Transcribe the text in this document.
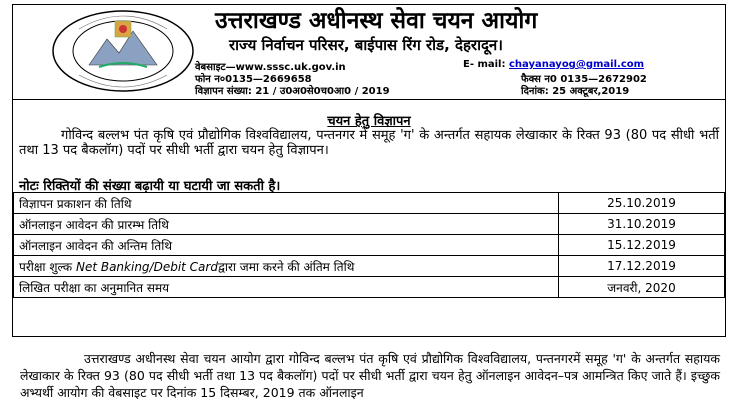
उत्तराखण्ड अधीनस्थ सेवा चयन आयोग
राज्य निर्वाचन परिसर, बाईपास रिंग रोड, देहरादून।
वेबसाइट—www.sssc.uk.gov.in	E- mail: chayanayog@gmail.com
फोन न०0135—2669658	फैक्स न0 0135—2672902
विज्ञापन संख्या: 21 / उ0अ0से0च0आ0 / 2019	दिनांक: 25 अक्टूबर,2019
चयन हेतु विज्ञापन
गोविन्द बल्लभ पंत कृषि एवं प्रौद्योगिक विश्वविद्यालय, पन्तनगर में समूह 'ग' के अन्तर्गत सहायक लेखाकार के रिक्त 93 (80 पद सीधी भर्ती तथा 13 पद बैकलॉग) पदों पर सीधी भर्ती द्वारा चयन हेतु विज्ञापन।
नोटः रिक्तियों की संख्या बढ़ायी या घटायी जा सकती है।
विज्ञापन प्रकाशन की तिथि	25.10.2019
ऑनलाइन आवेदन की प्रारम्भ तिथि	31.10.2019
ऑनलाइन आवेदन की अन्तिम तिथि	15.12.2019
परीक्षा शुल्क Net Banking/Debit Cardद्वारा जमा करने की अंतिम तिथि	17.12.2019
लिखित परीक्षा का अनुमानित समय	जनवरी, 2020
उत्तराखण्ड अधीनस्थ सेवा चयन आयोग द्वारा गोविन्द बल्लभ पंत कृषि एवं प्रौद्योगिक विश्वविद्यालय, पन्तनगरमें समूह 'ग' के अन्तर्गत सहायक लेखाकार के रिक्त 93 (80 पद सीधी भर्ती तथा 13 पद बैकलॉग) पदों पर सीधी भर्ती द्वारा चयन हेतु ऑनलाइन आवेदन–पत्र आमन्त्रित किए जाते हैं। इच्छुक अभ्यर्थी आयोग की वेबसाइट पर दिनांक 15 दिसम्बर, 2019 तक ऑनलाइन
